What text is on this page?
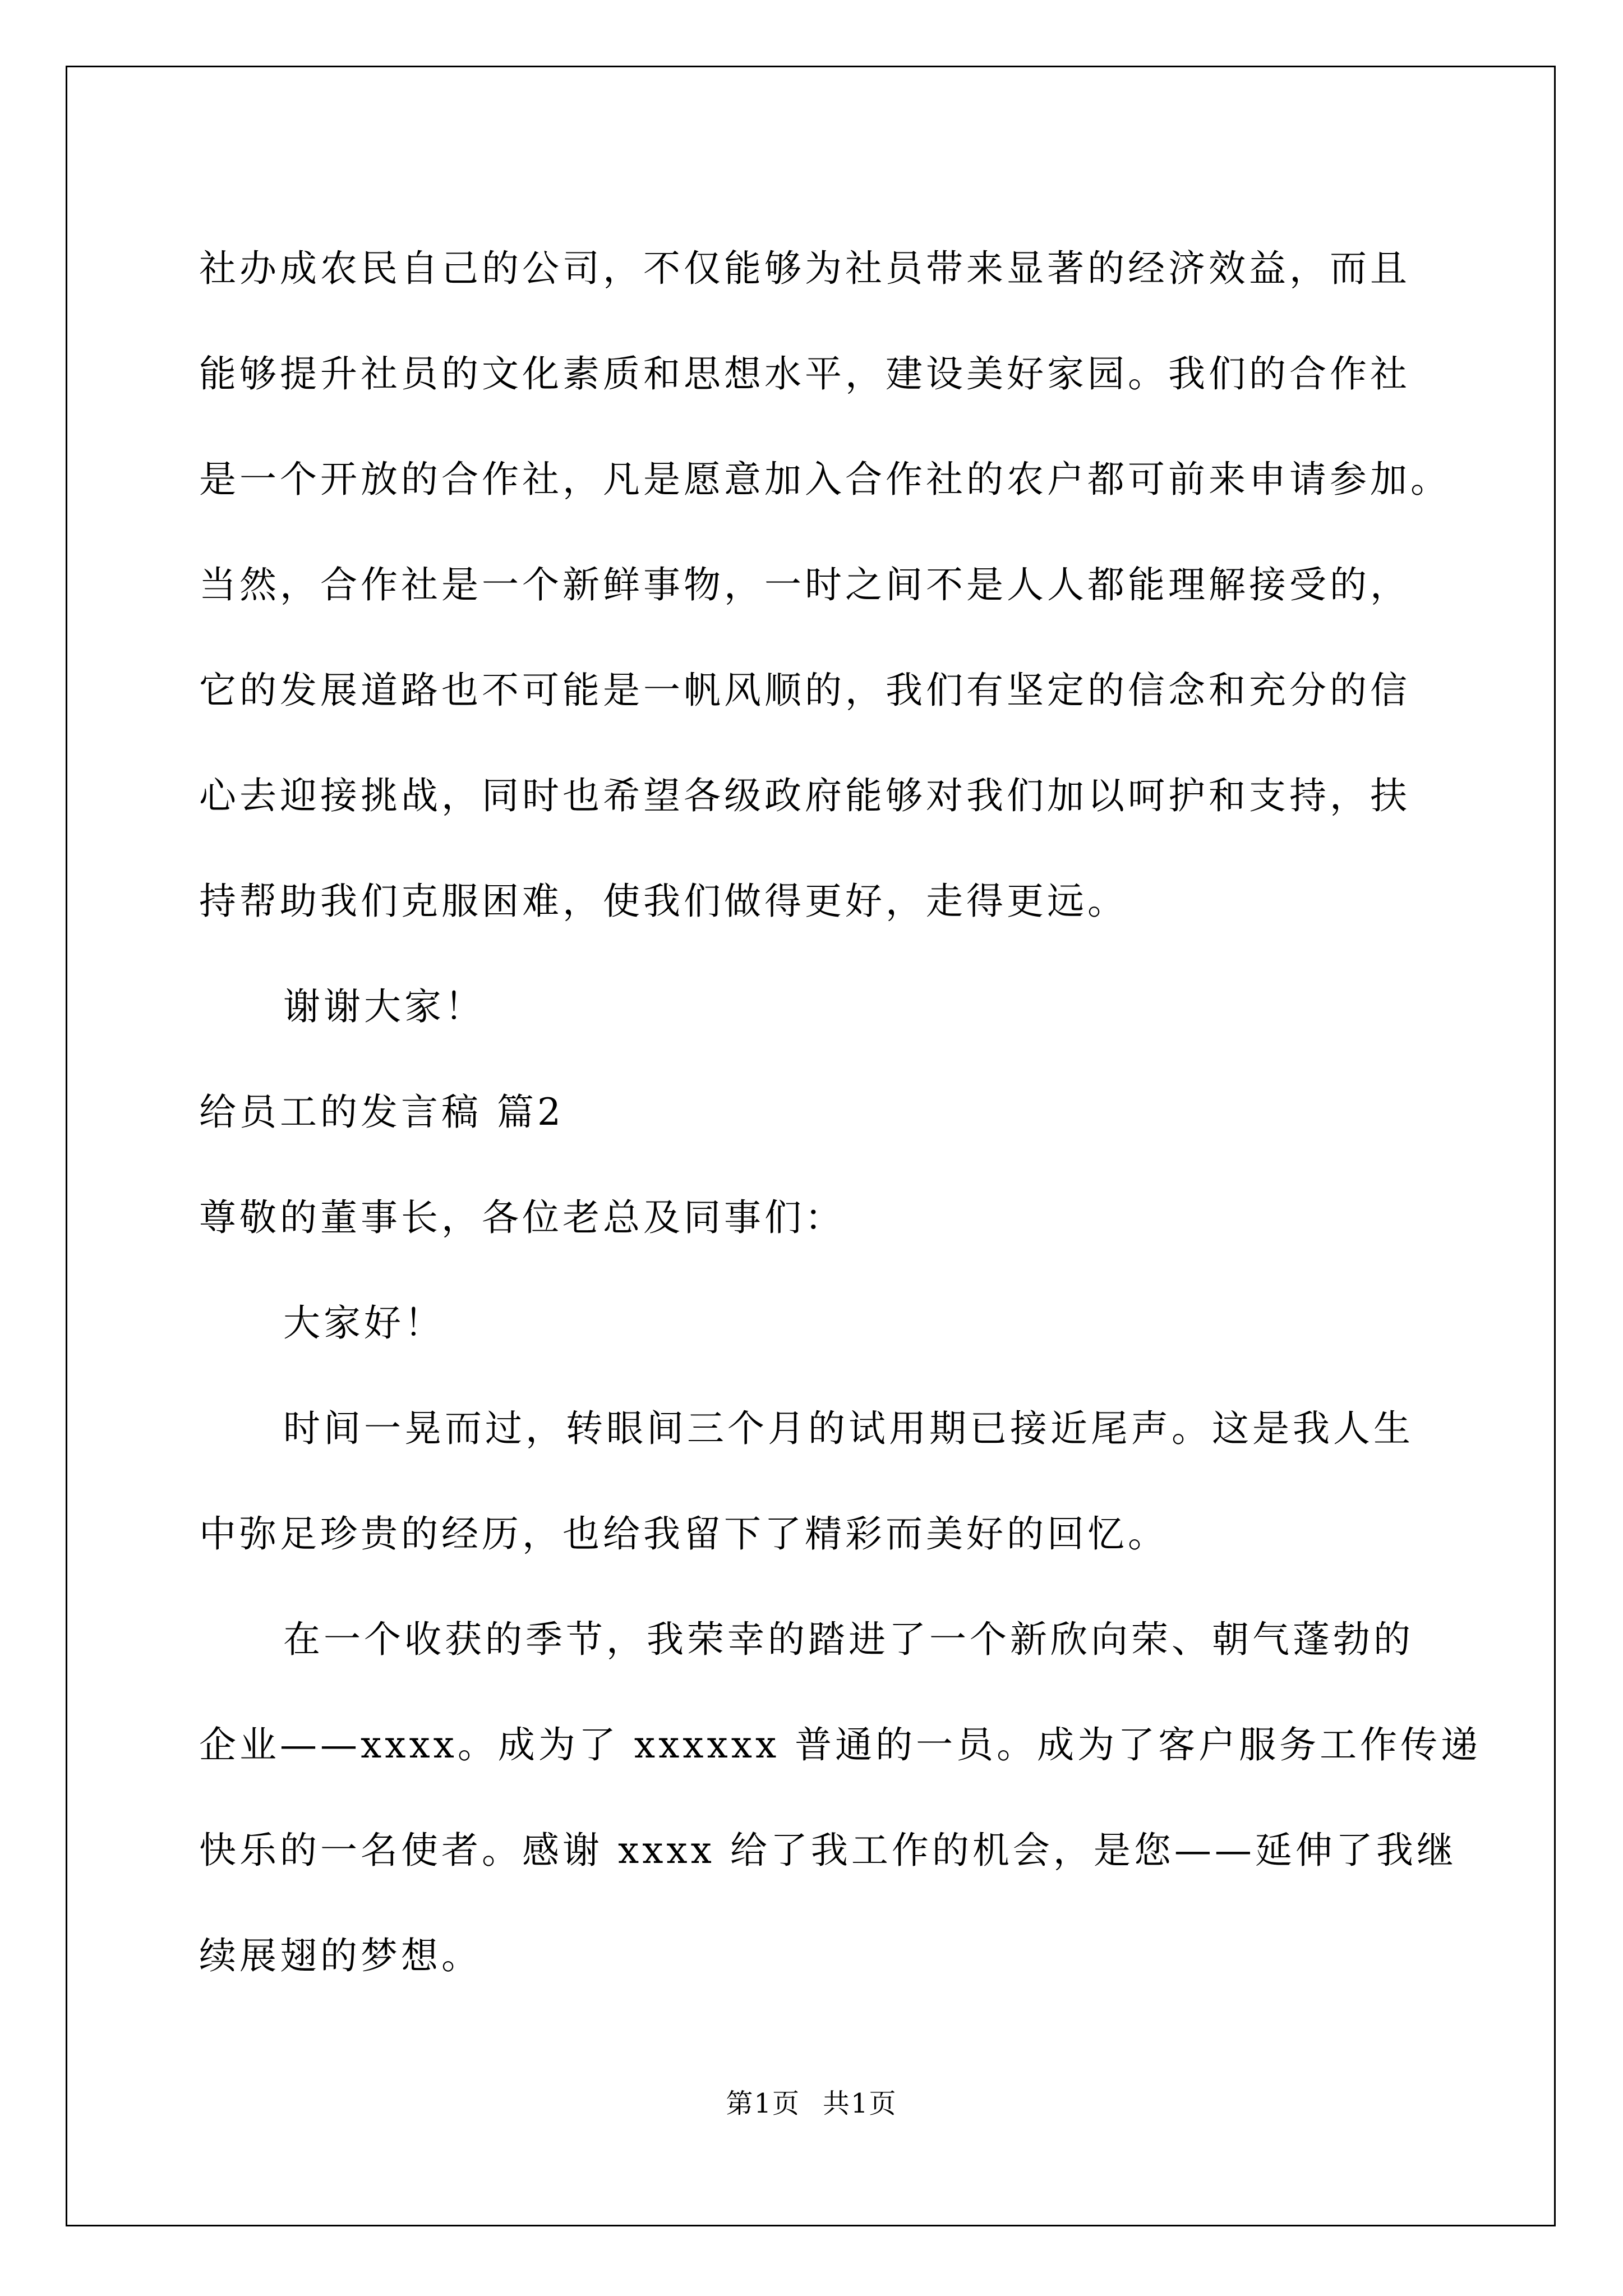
社办成农民自己的公司，不仅能够为社员带来显著的经济效益，而且
能够提升社员的文化素质和思想水平，建设美好家园。我们的合作社
是一个开放的合作社，凡是愿意加入合作社的农户都可前来申请参加。
当然，合作社是一个新鲜事物，一时之间不是人人都能理解接受的，
它的发展道路也不可能是一帆风顺的，我们有坚定的信念和充分的信
心去迎接挑战，同时也希望各级政府能够对我们加以呵护和支持，扶
持帮助我们克服困难，使我们做得更好，走得更远。
谢谢大家！
给员工的发言稿 篇2
尊敬的董事长，各位老总及同事们：
大家好！
时间一晃而过，转眼间三个月的试用期已接近尾声。这是我人生
中弥足珍贵的经历，也给我留下了精彩而美好的回忆。
在一个收获的季节，我荣幸的踏进了一个新欣向荣、朝气蓬勃的
企业——xxxx。成为了 xxxxxx 普通的一员。成为了客户服务工作传递
快乐的一名使者。感谢 xxxx 给了我工作的机会，是您——延伸了我继
续展翅的梦想。
第1页 共1页
